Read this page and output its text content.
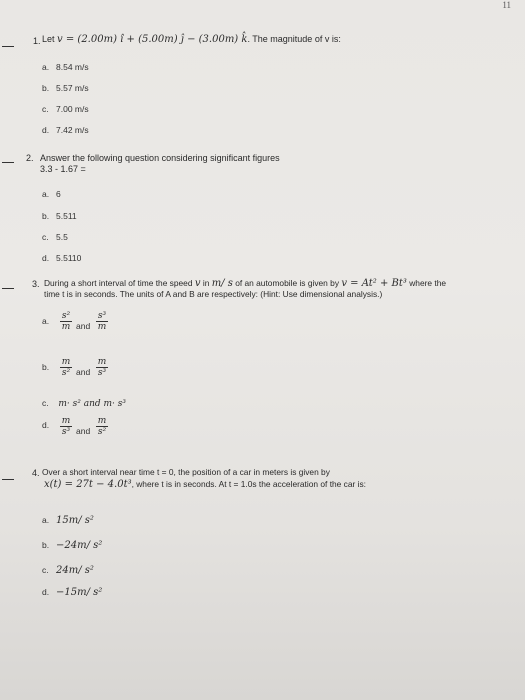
11
1. Let v = (2.00m) î + (5.00m) ĵ − (3.00m) k̂. The magnitude of v is:
a. 8.54 m/s
b. 5.57 m/s
c. 7.00 m/s
d. 7.42 m/s
2. Answer the following question considering significant figures
3.3 - 1.67 =
a. 6
b. 5.511
c. 5.5
d. 5.5110
3. During a short interval of time the speed v in m/ s of an automobile is given by v = At² + Bt³ where the
time t is in seconds. The units of A and B are respectively: (Hint: Use dimensional analysis.)
a. $\frac{\text{s²}}{m}$ and $\frac{\text{s³}}{m}$
b. $\frac{m}{\text{s²}}$ and $\frac{m}{\text{s³}}$
c. m· s² and m· s³
d. $\frac{m}{\text{s³}}$ and $\frac{m}{\text{s²}}$
4. Over a short interval near time t = 0, the position of a car in meters is given by
x(t) = 27t − 4.0t³, where t is in seconds. At t = 1.0s the acceleration of the car is:
a. 15m/ s²
b. −24m/ s²
c. 24m/ s²
d. −15m/ s²
